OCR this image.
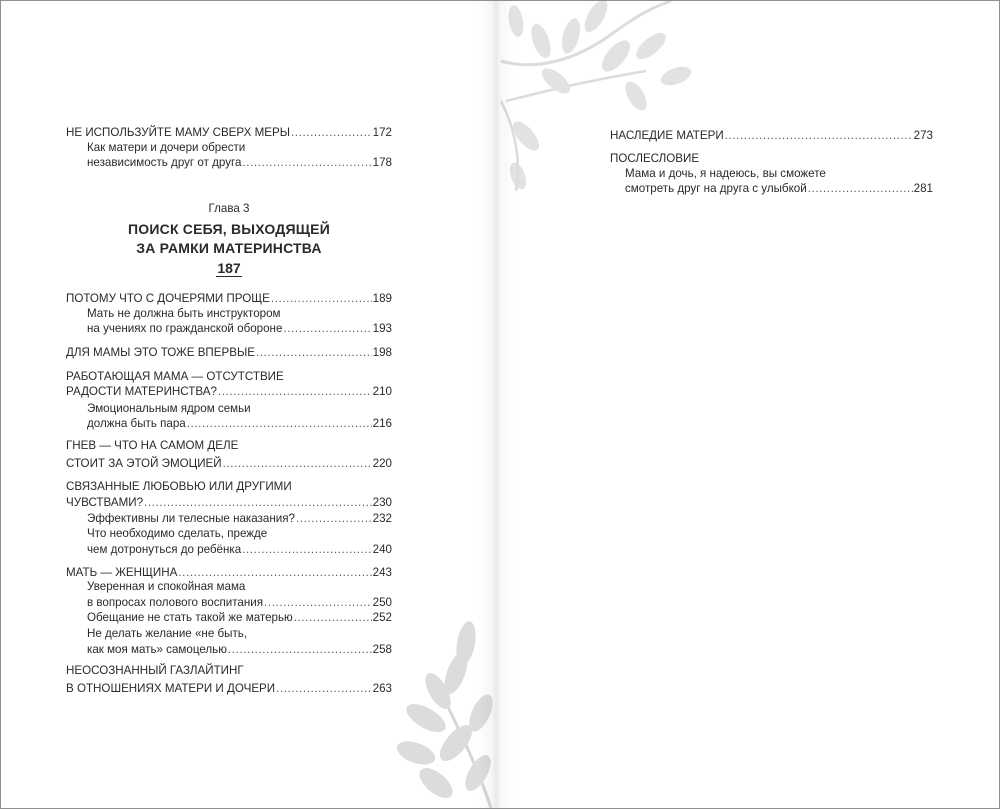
НЕ ИСПОЛЬЗУЙТЕ МАМУ СВЕРХ МЕРЫ .....	172
Как матери и дочери обрести
независимость друг от друга .....	178
Глава 3
ПОИСК СЕБЯ, ВЫХОДЯЩЕЙ
ЗА РАМКИ МАТЕРИНСТВА
187
ПОТОМУ ЧТО С ДОЧЕРЯМИ ПРОЩЕ .....	189
Мать не должна быть инструктором
на учениях по гражданской обороне .....	193
ДЛЯ МАМЫ ЭТО ТОЖЕ ВПЕРВЫЕ .....	198
РАБОТАЮЩАЯ МАМА — ОТСУТСТВИЕ
РАДОСТИ МАТЕРИНСТВА? .....	210
Эмоциональным ядром семьи
должна быть пара .....	216
ГНЕВ — ЧТО НА САМОМ ДЕЛЕ
СТОИТ ЗА ЭТОЙ ЭМОЦИЕЙ .....	220
СВЯЗАННЫЕ ЛЮБОВЬЮ ИЛИ ДРУГИМИ
ЧУВСТВАМИ? .....	230
Эффективны ли телесные наказания? .....	232
Что необходимо сделать, прежде
чем дотронуться до ребёнка .....	240
МАТЬ — ЖЕНЩИНА .....	243
Уверенная и спокойная мама
в вопросах полового воспитания .....	250
Обещание не стать такой же матерью .....	252
Не делать желание «не быть,
как моя мать» самоцелью .....	258
НЕОСОЗНАННЫЙ ГАЗЛАЙТИНГ
В ОТНОШЕНИЯХ МАТЕРИ И ДОЧЕРИ .....	263
НАСЛЕДИЕ МАТЕРИ .....	273
ПОСЛЕСЛОВИЕ
Мама и дочь, я надеюсь, вы сможете
смотреть друг на друга с улыбкой .....	281
